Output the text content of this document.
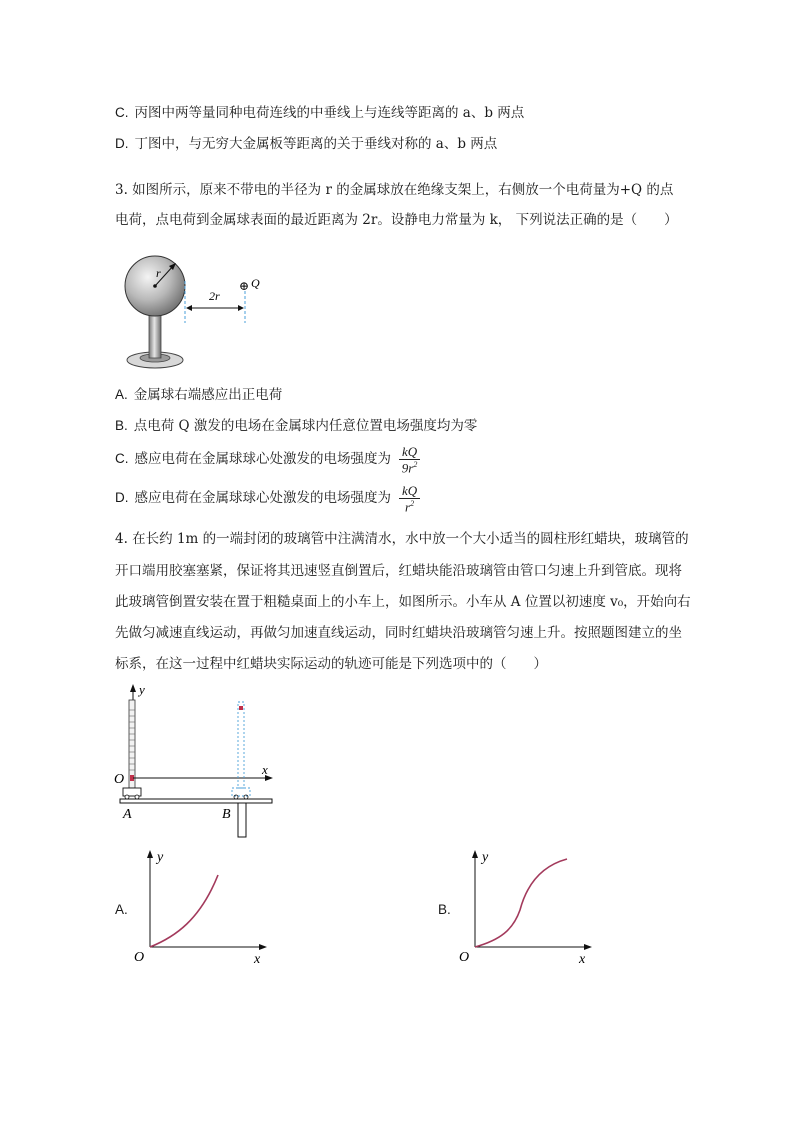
C. 丙图中两等量同种电荷连线的中垂线上与连线等距离的 a、b 两点
D. 丁图中，与无穷大金属板等距离的关于垂线对称的 a、b 两点
3. 如图所示，原来不带电的半径为 r 的金属球放在绝缘支架上，右侧放一个电荷量为+Q 的点
电荷，点电荷到金属球表面的最近距离为 2r。设静电力常量为 k， 下列说法正确的是（　　）
r
2r
⊕ Q
A. 金属球右端感应出正电荷
B. 点电荷 Q 激发的电场在金属球内任意位置电场强度均为零
C. 感应电荷在金属球球心处激发的电场强度为 $\frac{kQ}{9r^2}$
D. 感应电荷在金属球球心处激发的电场强度为 $\frac{kQ}{r^2}$
4. 在长约 1m 的一端封闭的玻璃管中注满清水，水中放一个大小适当的圆柱形红蜡块，玻璃管的
开口端用胶塞塞紧，保证将其迅速竖直倒置后，红蜡块能沿玻璃管由管口匀速上升到管底。现将
此玻璃管倒置安装在置于粗糙桌面上的小车上，如图所示。小车从 A 位置以初速度 v₀，开始向右
先做匀减速直线运动，再做匀加速直线运动，同时红蜡块沿玻璃管匀速上升。按照题图建立的坐
标系，在这一过程中红蜡块实际运动的轨迹可能是下列选项中的（　　）
y
x
O
A	B
A.
y
x
O
B.
y
x
O
